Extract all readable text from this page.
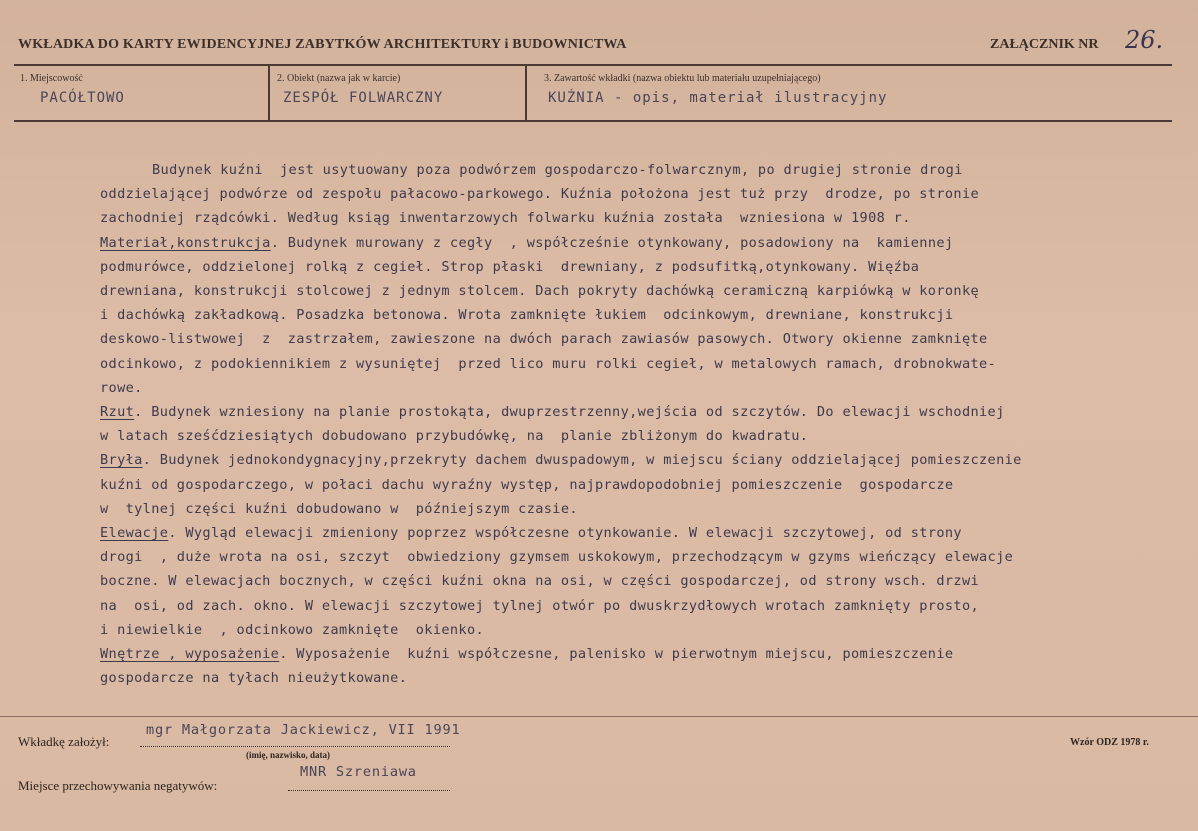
WKŁADKA DO KARTY EWIDENCYJNEJ ZABYTKÓW ARCHITEKTURY i BUDOWNICTWA	ZAŁĄCZNIK NR 26.
1. Miejscowość
PACÓŁTOWO
2. Obiekt (nazwa jak w karcie)
ZESPÓŁ FOLWARCZNY
3. Zawartość wkładki (nazwa obiektu lub materiału uzupełniającego)
KUŹNIA - opis, materiał ilustracyjny

Budynek kuźni  jest usytuowany poza podwórzem gospodarczo-folwarcznym, po drugiej stronie drogi

oddzielającej podwórze od zespołu pałacowo-parkowego. Kuźnia położona jest tuż przy  drodze, po stronie

zachodniej rządcówki. Według ksiąg inwentarzowych folwarku kuźnia została  wzniesiona w 1908 r.

Materiał,konstrukcja. Budynek murowany z cegły  , współcześnie otynkowany, posadowiony na  kamiennej

podmurówce, oddzielonej rolką z cegieł. Strop płaski  drewniany, z podsufitką,otynkowany. Więźba

drewniana, konstrukcji stolcowej z jednym stolcem. Dach pokryty dachówką ceramiczną karpiówką w koronkę

i dachówką zakładkową. Posadzka betonowa. Wrota zamknięte łukiem  odcinkowym, drewniane, konstrukcji

deskowo-listwowej  z  zastrzałem, zawieszone na dwóch parach zawiasów pasowych. Otwory okienne zamknięte

odcinkowo, z podokiennikiem z wysuniętej  przed lico muru rolki cegieł, w metalowych ramach, drobnokwate-

rowe.

Rzut. Budynek wzniesiony na planie prostokąta, dwuprzestrzenny,wejścia od szczytów. Do elewacji wschodniej

w latach sześćdziesiątych dobudowano przybudówkę, na  planie zbliżonym do kwadratu.

Bryła. Budynek jednokondygnacyjny,przekryty dachem dwuspadowym, w miejscu ściany oddzielającej pomieszczenie

kuźni od gospodarczego, w połaci dachu wyraźny występ, najprawdopodobniej pomieszczenie  gospodarcze

w  tylnej części kuźni dobudowano w  późniejszym czasie.

Elewacje. Wygląd elewacji zmieniony poprzez współczesne otynkowanie. W elewacji szczytowej, od strony

drogi  , duże wrota na osi, szczyt  obwiedziony gzymsem uskokowym, przechodzącym w gzyms wieńczący elewacje

boczne. W elewacjach bocznych, w części kuźni okna na osi, w części gospodarczej, od strony wsch. drzwi

na  osi, od zach. okno. W elewacji szczytowej tylnej otwór po dwuskrzydłowych wrotach zamknięty prosto,

i niewielkie  , odcinkowo zamknięte  okienko.

Wnętrze , wyposażenie. Wyposażenie  kuźni współczesne, palenisko w pierwotnym miejscu, pomieszczenie

gospodarcze na tyłach nieużytkowane.

Wkładkę założył:
mgr Małgorzata Jackiewicz, VII 1991
(imię, nazwisko, data)
Miejsce przechowywania negatywów:
MNR Szreniawa
Wzór ODZ 1978 r.
